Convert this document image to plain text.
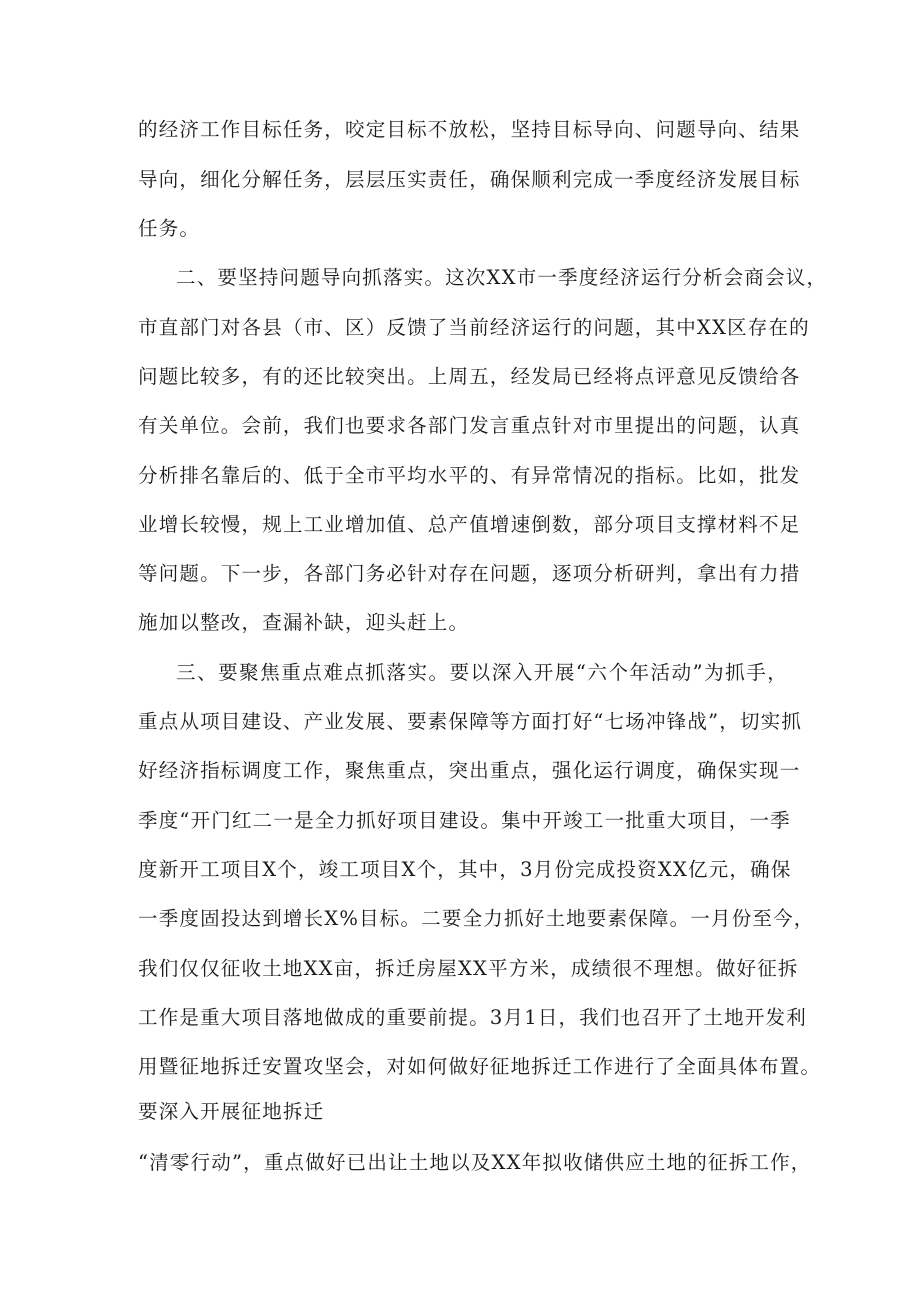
的经济工作目标任务，咬定目标不放松，坚持目标导向、问题导向、结果
导向，细化分解任务，层层压实责任，确保顺利完成一季度经济发展目标
任务。
二、要坚持问题导向抓落实。这次XX市一季度经济运行分析会商会议，
市直部门对各县（市、区）反馈了当前经济运行的问题，其中XX区存在的
问题比较多，有的还比较突出。上周五，经发局已经将点评意见反馈给各
有关单位。会前，我们也要求各部门发言重点针对市里提出的问题，认真
分析排名靠后的、低于全市平均水平的、有异常情况的指标。比如，批发
业增长较慢，规上工业增加值、总产值增速倒数，部分项目支撑材料不足
等问题。下一步，各部门务必针对存在问题，逐项分析研判，拿出有力措
施加以整改，查漏补缺，迎头赶上。
三、要聚焦重点难点抓落实。要以深入开展“六个年活动”为抓手，
重点从项目建设、产业发展、要素保障等方面打好“七场冲锋战”，切实抓
好经济指标调度工作，聚焦重点，突出重点，强化运行调度，确保实现一
季度“开门红二一是全力抓好项目建设。集中开竣工一批重大项目，一季
度新开工项目X个，竣工项目X个，其中，3月份完成投资XX亿元，确保
一季度固投达到增长X%目标。二要全力抓好土地要素保障。一月份至今，
我们仅仅征收土地XX亩，拆迁房屋XX平方米，成绩很不理想。做好征拆
工作是重大项目落地做成的重要前提。3月1日，我们也召开了土地开发利
用暨征地拆迁安置攻坚会，对如何做好征地拆迁工作进行了全面具体布置。
要深入开展征地拆迁
“清零行动”，重点做好已出让土地以及XX年拟收储供应土地的征拆工作，
